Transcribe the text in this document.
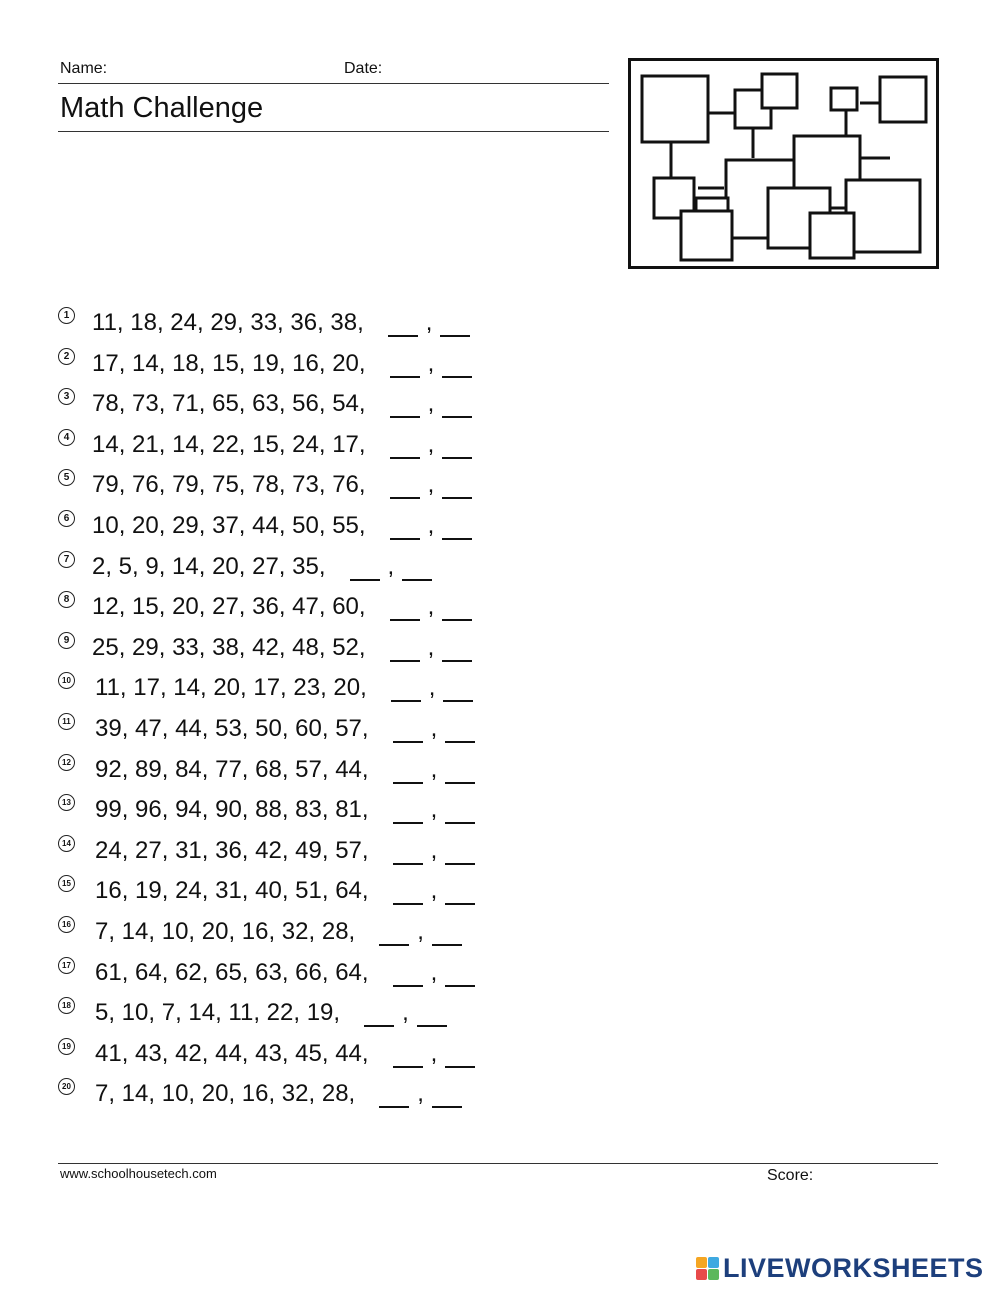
Name:	Date:
Math Challenge
1 11, 18, 24, 29, 33, 36, 38,	,
2 17, 14, 18, 15, 19, 16, 20,	,
3 78, 73, 71, 65, 63, 56, 54,	,
4 14, 21, 14, 22, 15, 24, 17,	,
5 79, 76, 79, 75, 78, 73, 76,	,
6 10, 20, 29, 37, 44, 50, 55,	,
7 2, 5, 9, 14, 20, 27, 35,	,
8 12, 15, 20, 27, 36, 47, 60,	,
9 25, 29, 33, 38, 42, 48, 52,	,
10 11, 17, 14, 20, 17, 23, 20,	,
11 39, 47, 44, 53, 50, 60, 57,	,
12 92, 89, 84, 77, 68, 57, 44,	,
13 99, 96, 94, 90, 88, 83, 81,	,
14 24, 27, 31, 36, 42, 49, 57,	,
15 16, 19, 24, 31, 40, 51, 64,	,
16 7, 14, 10, 20, 16, 32, 28,	,
17 61, 64, 62, 65, 63, 66, 64,	,
18 5, 10, 7, 14, 11, 22, 19,	,
19 41, 43, 42, 44, 43, 45, 44,	,
20 7, 14, 10, 20, 16, 32, 28,	,
www.schoolhousetech.com	Score:
LIVEWORKSHEETS
